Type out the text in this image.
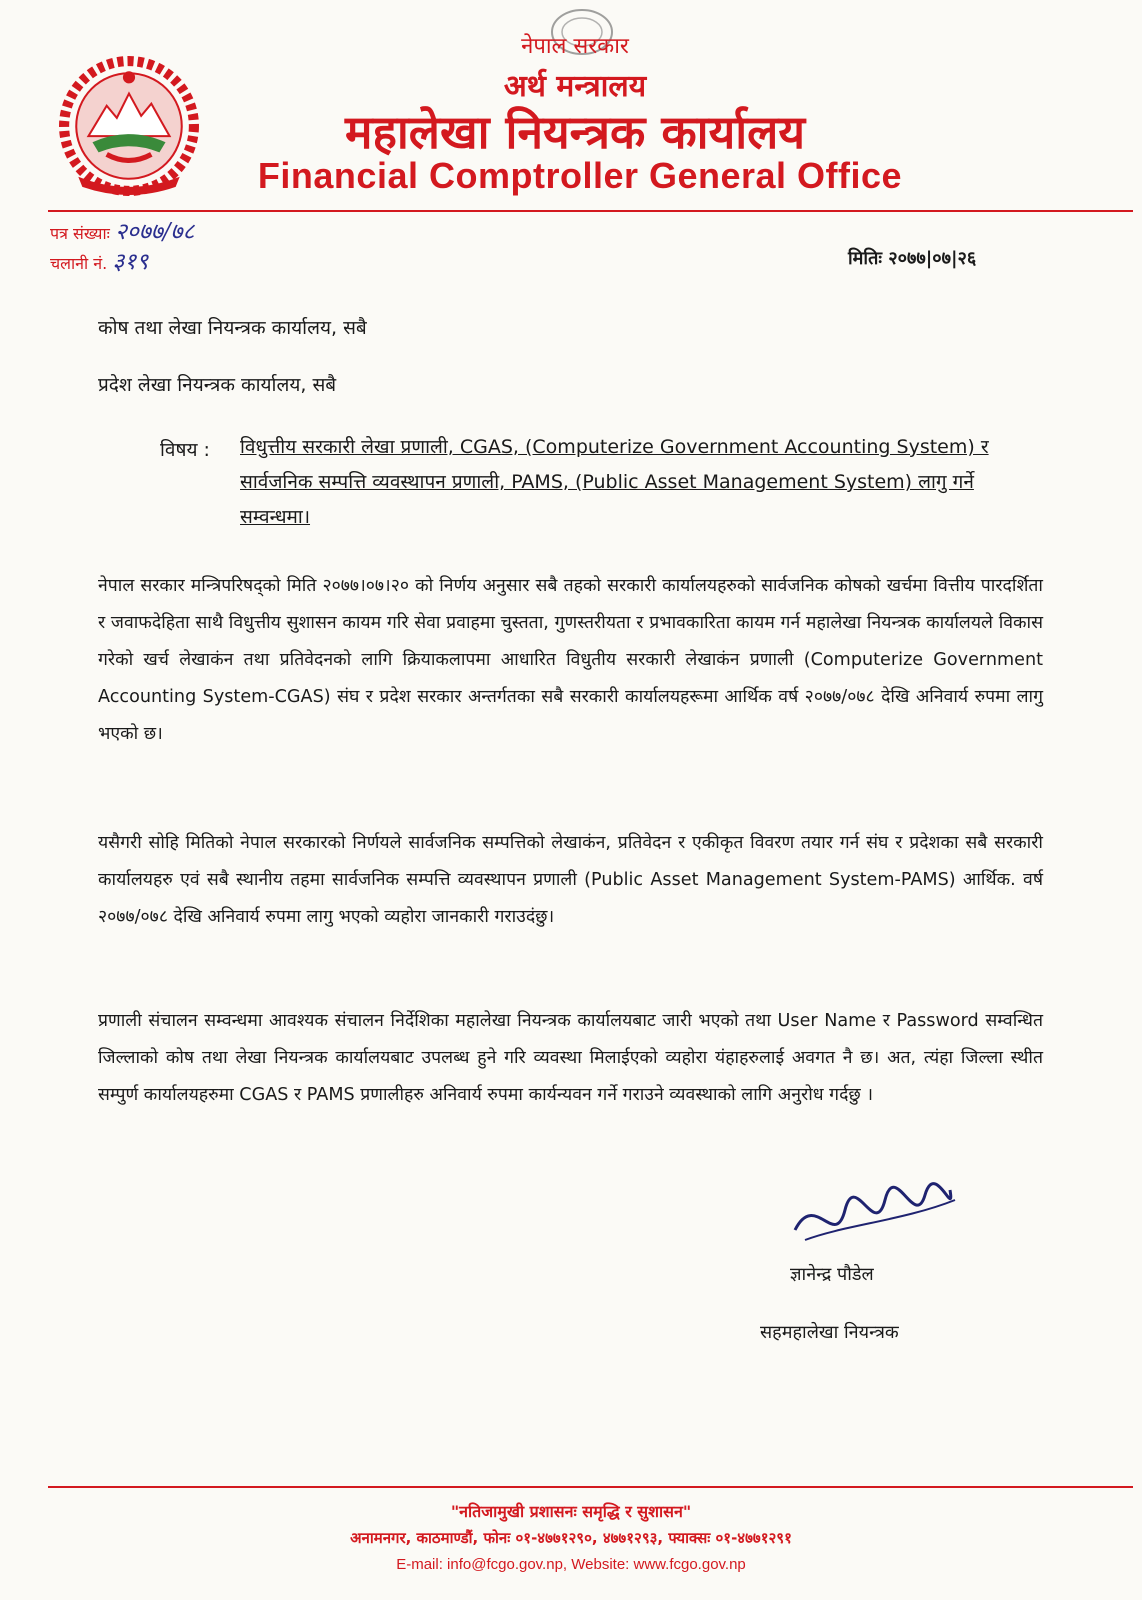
नेपाल सरकार
अर्थ मन्त्रालय
महालेखा नियन्त्रक कार्यालय
Financial Comptroller General Office
पत्र संख्याः २०७७/७८
चलानी नं. ३१९	मितिः २०७७|०७|२६
कोष तथा लेखा नियन्त्रक कार्यालय, सबै
प्रदेश लेखा नियन्त्रक कार्यालय, सबै
विषय : विधुत्तीय सरकारी लेखा प्रणाली, CGAS, (Computerize Government Accounting System) र सार्वजनिक सम्पत्ति व्यवस्थापन प्रणाली, PAMS, (Public Asset Management System) लागु गर्ने सम्वन्धमा।
नेपाल सरकार मन्त्रिपरिषद्को मिति २०७७।०७।२० को निर्णय अनुसार सबै तहको सरकारी कार्यालयहरुको सार्वजनिक कोषको खर्चमा वित्तीय पारदर्शिता र जवाफदेहिता साथै विधुत्तीय सुशासन कायम गरि सेवा प्रवाहमा चुस्तता, गुणस्तरीयता र प्रभावकारिता कायम गर्न महालेखा नियन्त्रक कार्यालयले विकास गरेको खर्च लेखाकंन तथा प्रतिवेदनको लागि क्रियाकलापमा आधारित विधुतीय सरकारी लेखाकंन प्रणाली (Computerize Government Accounting System-CGAS) संघ र प्रदेश सरकार अन्तर्गतका सबै सरकारी कार्यालयहरूमा आर्थिक वर्ष २०७७/०७८ देखि अनिवार्य रुपमा लागु भएको छ।
यसैगरी सोहि मितिको नेपाल सरकारको निर्णयले सार्वजनिक सम्पत्तिको लेखाकंन, प्रतिवेदन र एकीकृत विवरण तयार गर्न संघ र प्रदेशका सबै सरकारी कार्यालयहरु एवं सबै स्थानीय तहमा सार्वजनिक सम्पत्ति व्यवस्थापन प्रणाली (Public Asset Management System-PAMS) आर्थिक. वर्ष २०७७/०७८ देखि अनिवार्य रुपमा लागु भएको व्यहोरा जानकारी गराउदंछु।
प्रणाली संचालन सम्वन्धमा आवश्यक संचालन निर्देशिका महालेखा नियन्त्रक कार्यालयबाट जारी भएको तथा User Name र Password सम्वन्धित जिल्लाको कोष तथा लेखा नियन्त्रक कार्यालयबाट उपलब्ध हुने गरि व्यवस्था मिलाईएको व्यहोरा यंहाहरुलाई अवगत नै छ। अत, त्यंहा जिल्ला स्थीत सम्पुर्ण कार्यालयहरुमा CGAS र PAMS प्रणालीहरु अनिवार्य रुपमा कार्यन्यवन गर्ने गराउने व्यवस्थाको लागि अनुरोध गर्दछु ।
ज्ञानेन्द्र पौडेल
सहमहालेखा नियन्त्रक
"नतिजामुखी प्रशासनः समृद्धि र सुशासन"
अनामनगर, काठमाण्डौं, फोनः ०१-४७७१२९०, ४७७१२९३, फ्याक्सः ०१-४७७१२९१
E-mail: info@fcgo.gov.np, Website: www.fcgo.gov.np
